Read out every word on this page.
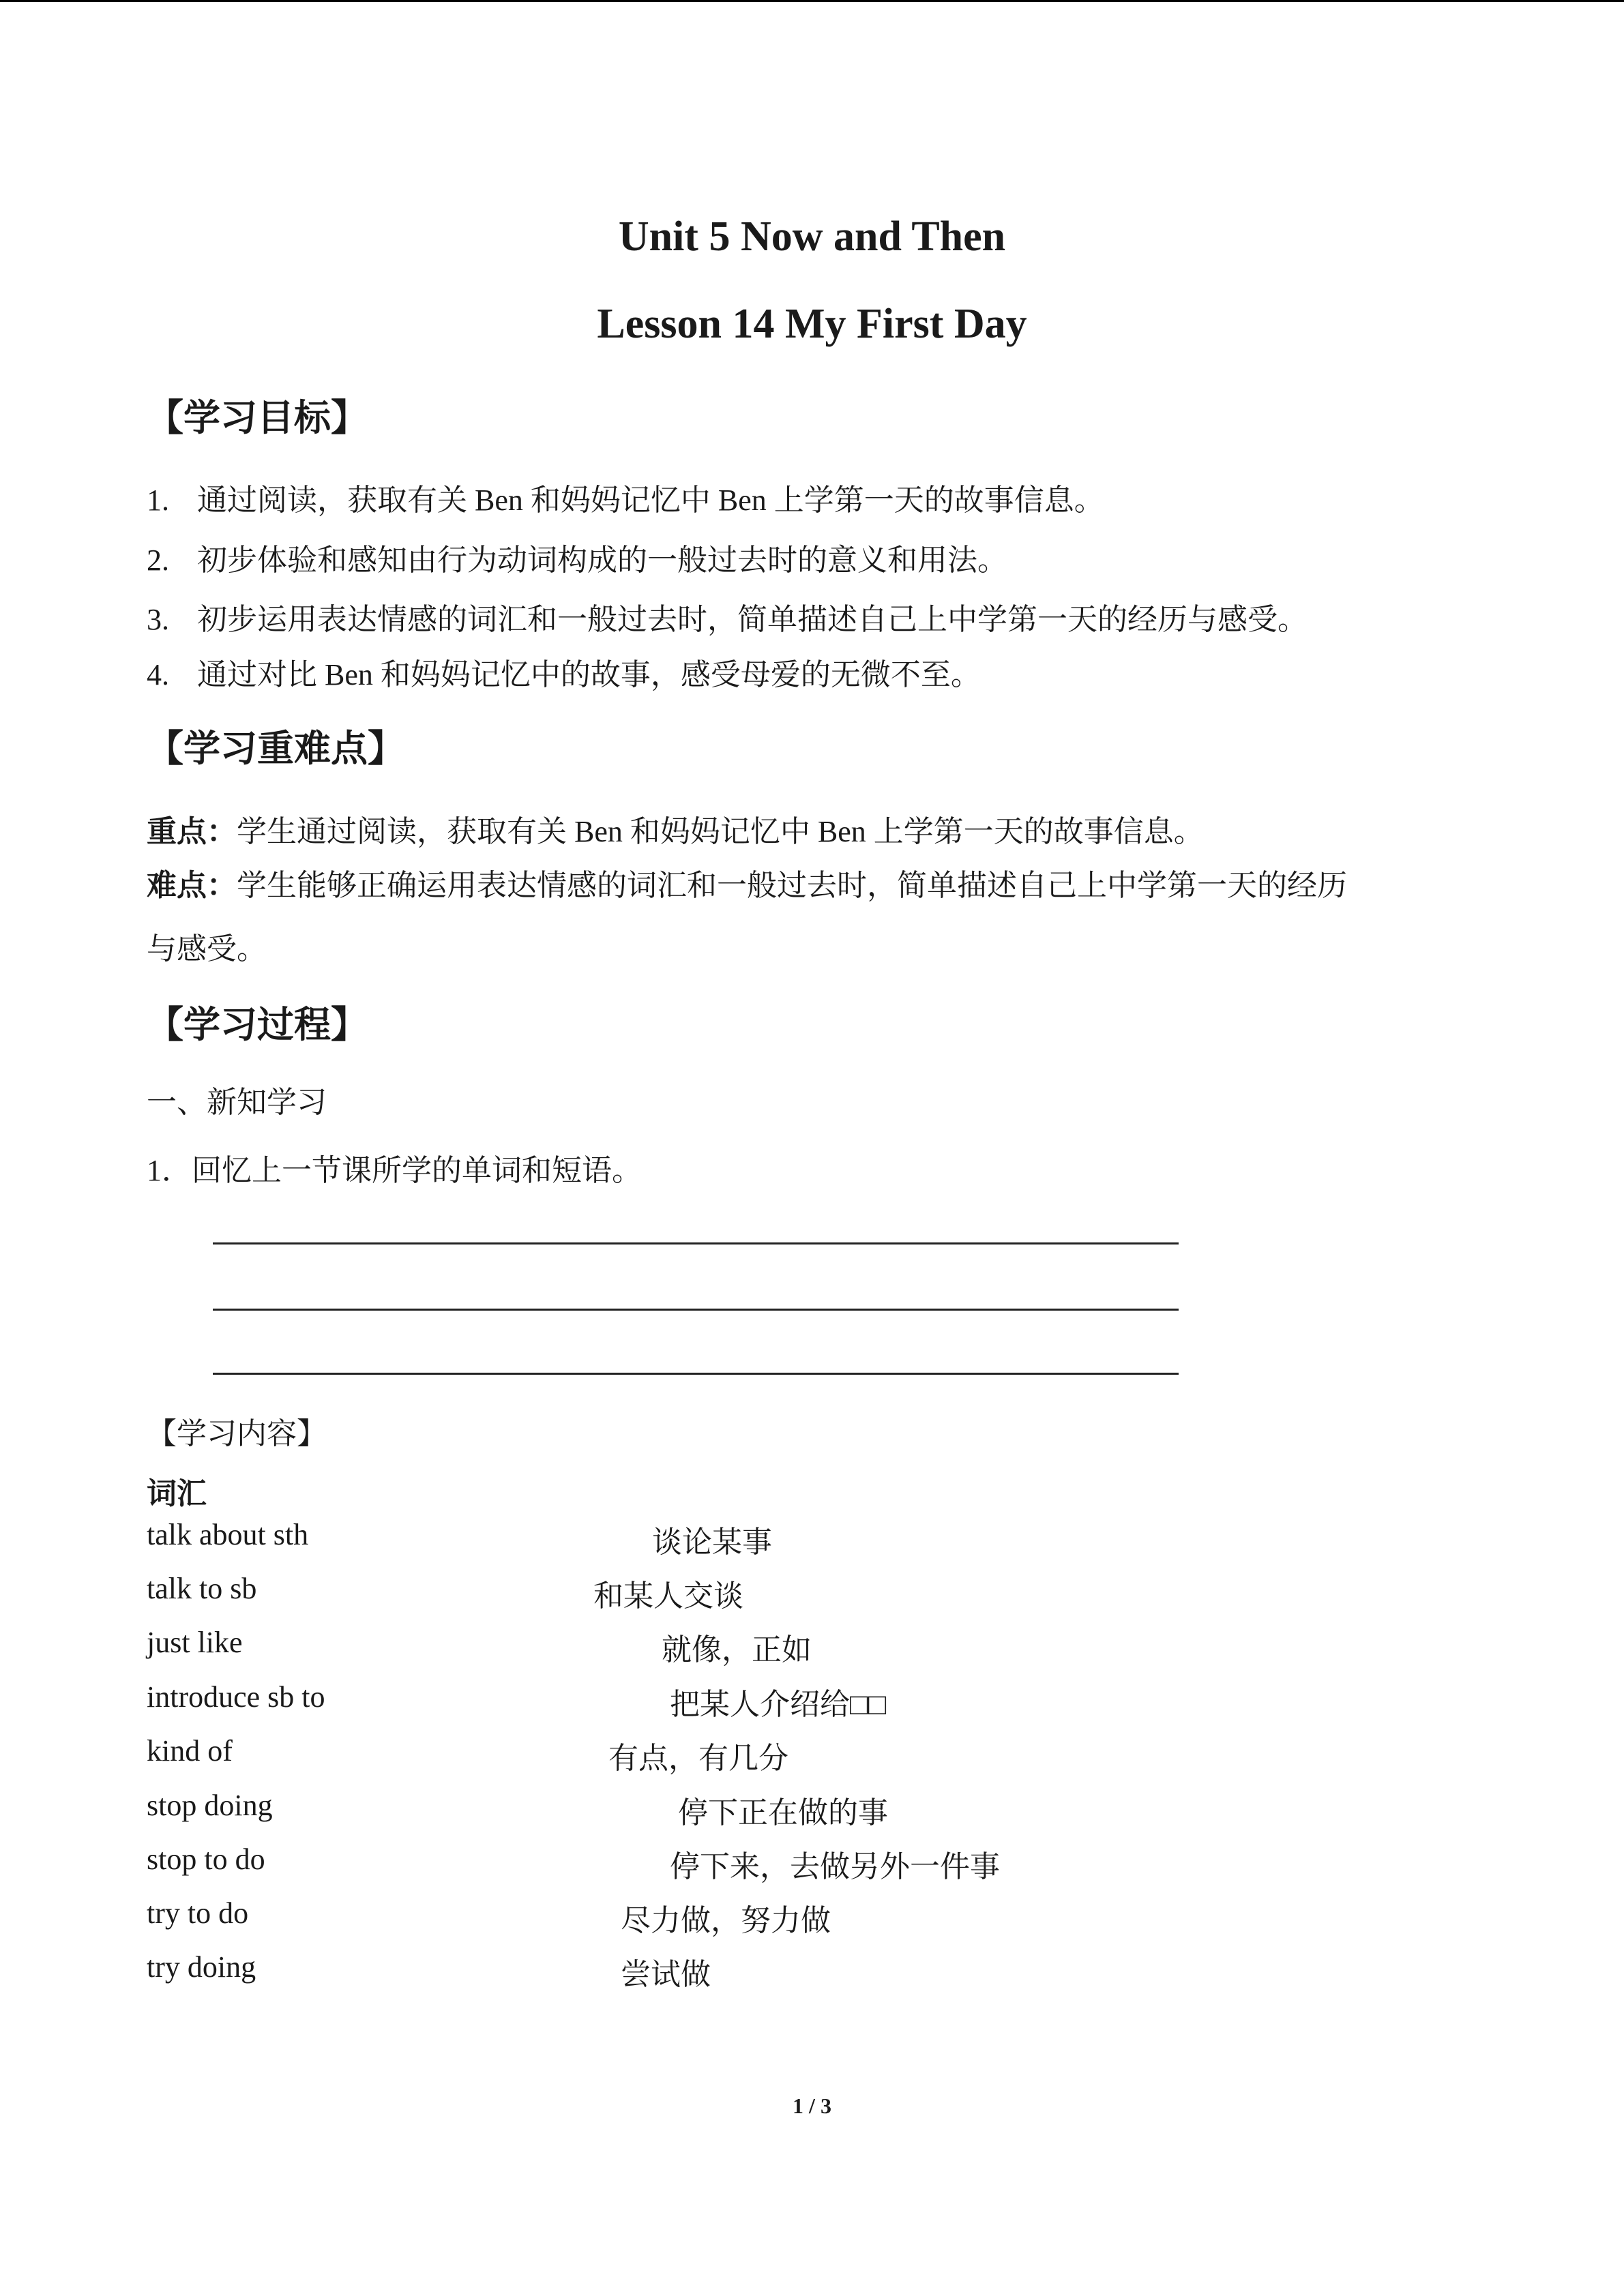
Unit 5 Now and Then
Lesson 14 My First Day
【学习目标】
1. 通过阅读，获取有关 Ben 和妈妈记忆中 Ben 上学第一天的故事信息。
2. 初步体验和感知由行为动词构成的一般过去时的意义和用法。
3. 初步运用表达情感的词汇和一般过去时，简单描述自己上中学第一天的经历与感受。
4. 通过对比 Ben 和妈妈记忆中的故事，感受母爱的无微不至。
【学习重难点】
重点：学生通过阅读，获取有关 Ben 和妈妈记忆中 Ben 上学第一天的故事信息。
难点：学生能够正确运用表达情感的词汇和一般过去时，简单描述自己上中学第一天的经历
与感受。
【学习过程】
一、新知学习
1．回忆上一节课所学的单词和短语。
【学习内容】
词汇
talk about sth	谈论某事
talk to sb	和某人交谈
just like	就像，正如
introduce sb to	把某人介绍给□□
kind of	有点，有几分
stop doing	停下正在做的事
stop to do	停下来，去做另外一件事
try to do	尽力做，努力做
try doing	尝试做
1 / 3
